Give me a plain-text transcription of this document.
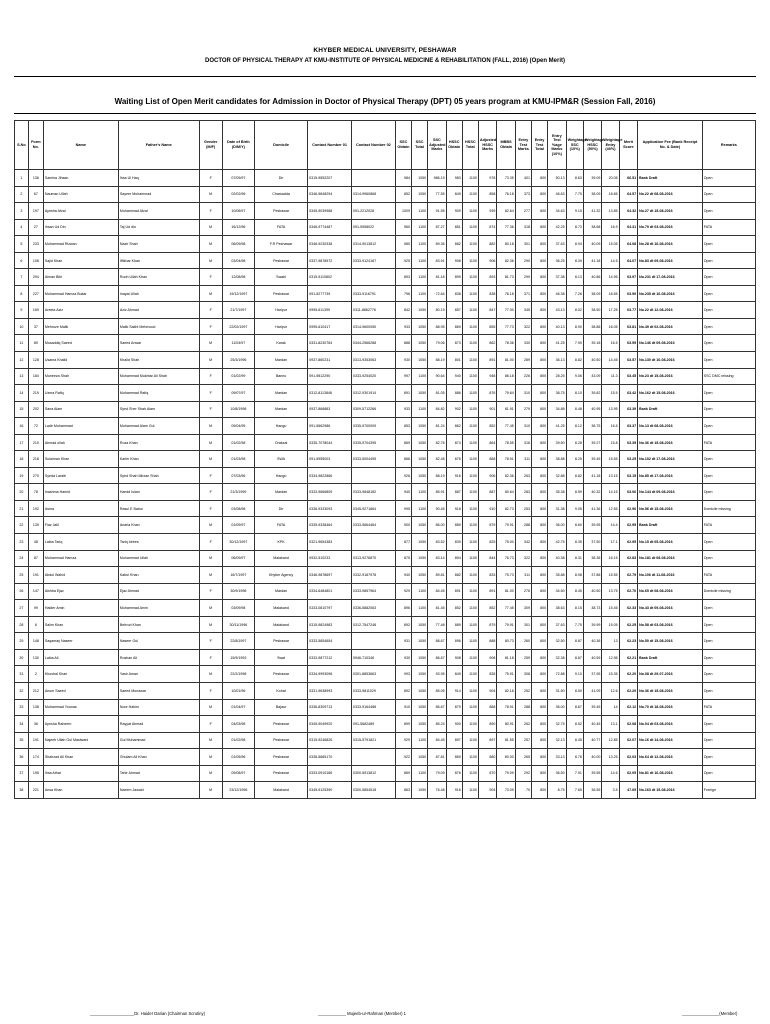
KHYBER MEDICAL UNIVERSITY, PESHAWAR
DOCTOR OF PHYSICAL THERAPY AT KMU-INSTITUTE OF PHYSICAL MEDICINE & REHABILITATION (FALL, 2016) (Open Merit)
Waiting List of Open Merit candidates for Admission in Doctor of Physical Therapy (DPT) 05 years program at KMU-IPM&R (Session Fall, 2016)
S.No	Form No.	Name	Father's Name	Gender (M/F)	Date of Birth (D/M/Y)	Domicile	Contact Number 01	Contact Number 02	SSC Obtain	SSC Total	SSC Adjusted Marks	HSSC Obtain	HSSC Total	Adjusted HSSC Marks	MBBS Obtain	Entry Test Marks	Entry Test Total	Entry Test %age Marks (10%)	Weightage SSC (10%)	Weightage HSSC (50%)	Weightage Entry (40%)	Merit Score	Application Fee (Bank Receipt No. & Date)	Remarks
1	136	Samina Jihsan	Ihsa Ul Haq	F	07/09/97	Dir	0315-9552207		984	1050	986.19	983	1100	978	73.35	401	800	50.13	8.63	39.09	20.05	66.51	Bank Draft	Open
2	67	Nauman Ullah	Sayeer Muhammad	M	02/02/96	Charsadda	0346-9848294	0314-9960868	852	1050	77.55	849	1100	858	76.18	373	800	46.63	7.75	38.09	18.65	64.57	No.22 dt 08-08-2016	Open
3	197	Ayesha Afzal	Muhammad Afzal	F	10/06/97	Peshawar	0345-9039968	091-2212028	1009	1100	91.55	909	1100	939	82.64	277	800	34.63	9.15	41.32	13.85	64.32	No.27 dt 15-08-2016	Open
4	27	Ihsan Ud Din	Taj Ud din	M	16/12/96	FATA	0346-9774487	091-5958022	960	1100	87.27	851	1100	874	77.36	318	800	42.25	8.73	38.68	16.9	64.31	No.79 dt 03-08-2016	FATA
5	233	Muhammad Rizwan	Nazir Shah	M	06/09/98	F.R Peshawar	0346-9230338	0314-9013812	980	1100	89.36	882	1100	882	80.18	301	800	37.63	8.94	40.09	15.05	64.08	No.28 dt 16-08-2016	Open
6	106	Sajid Khan	Iftikhar Khan	M	03/04/98	Peshawar	0337-9878972	0333-9124187	925	1100	83.91	908	1100	906	82.36	290	800	36.25	8.39	41.18	14.5	64.07	No.83 dt 09-08-2016	Open
7	294	Aiman Bibi	Rooh Ullah Khan	F	12/08/98	Swabi	0315-9110802		893	1100	81.18	899	1100	893	81.73	299	800	37.38	8.13	40.86	14.95	63.97	No.231 dt 17-08-2016	Open
8	227	Muhammad Hamza Bukar	Inayat Ullah	M	19/12/1997	Peshawar	091-5277739	0333-9116791	796	1100	72.64	838	1100	838	76.18	371	800	46.38	7.26	38.09	18.55	63.90	No.235 dt 16-08-2016	Open
9	169	Areeta Aziz	Aziz Ahmad	F	21/7/1997	Haripur	0995-611399	0311-8862776	842	1050	80.19	857	1100	847	77.00	345	800	43.13	8.02	38.50	17.25	63.77	No.22 dt 12-08-2016	Open
10	37	Mehroze Malik	Malik Sakht Mehmood	F	22/02/1997	Haripur	0995-610417	0314-9600050	933	1050	88.95	869	1100	855	77.73	322	800	40.13	8.90	38.86	16.05	63.81	No.49 dt 02-08-2016	Open
11	89	Musaddiq Saeed	Saeed Anwar	M	11/04/97	Karak	0331-8230764	0344-2566288	888	1050	79.06	873	1100	862	78.36	330	800	41.25	7.90	39.18	16.5	63.59	No.146 dt 09-08-2016	Open
12	128	Usama Khalid	Khalid Shah	M	25/3/1996	Mardan	0937-860231	0313-9353063	930	1050	88.19	801	1100	891	81.00	289	800	36.13	8.82	40.50	14.45	63.57	No.130 dt 10-08-2016	Open
13	184	Muneeza Shah	Muhammad Mukhtar Ali Shah	F	01/02/99	Bannu	091-9812290	0333-9254020	997	1100	90.64	940	1100	948	86.18	226	800	28.25	9.06	43.09	11.3	63.45	No.23 dt 15-08-2016	SSC DMC missing
14	219	Uzma Rafiq	Muhammad Rafiq	F	09/07/97	Mardan	0312-8113846	0312-9301914	891	1050	81.05	886	1100	876	79.64	310	800	38.75	8.10	39.82	15.5	63.42	No.162 dt 15-08-2016	Open
15	202	Sana Alam	Syed Sher Shah Alam	F	10/8/1998	Mardan	0937-866883	0309-5712266	933	1100	84.82	902	1100	901	81.91	279	800	34.88	8.48	40.95	13.95	63.39	Bank Draft	Open
16	72	Ladir Muhammad	Muhammad Alam Gul	M	09/04/95	Hangu	091-5662986	0335-9700009	853	1050	81.24	862	1100	852	77.45	310	800	41.25	8.12	38.75	16.5	63.37	No.13 dt 08-08-2016	Open
17	210	Ahmad ullah	Roza Khan	M	01/02/98	Orakzai	0335-7078044	0335-9704395	869	1050	82.76	874	1100	864	78.55	316	800	39.50	8.28	39.27	15.8	63.35	No.36 dt 15-08-2016	FATA
18	218	Sulaiman Khan	Karim Khan	M	01/03/98	SWA	091-5955003	0333-5004495	866	1050	82.48	876	1100	868	78.91	311	800	38.88	8.25	39.45	15.55	63.25	No.102 dt 17-08-2016	Open
19	270	Syeda Laraib	Syed Shah Mirzan Shah	F	07/03/96	Hangu	0334-9822866		926	1050	88.19	916	1100	906	82.36	263	800	32.88	8.82	41.18	13.15	63.15	No.85 dt 17-08-2016	Open
20	78	Inashma Hamid	Hamid Islam	F	21/3/1999	Mardan	0333-9666809	0333-9848182	940	1100	85.91	887	1100	887	80.64	283	800	35.38	8.59	40.32	14.15	63.06	No.144 dt 09-08-2016	Open
21	192	Asma	Rasul E Batoo	F	03/08/98	Dir	0336-9333093	0345-9271864	995	1100	90.45	918	1100	910	82.73	253	800	31.38	9.05	41.36	12.55	62.96	No.56 dt 15-08-2016	Domicile missing
22	139	Fiaz Jalil	Anarla Khan	M	01/09/97	FATA	0335-9338464	0333-9664464	900	1050	86.00	889	1100	879	79.91	288	800	36.00	8.60	39.95	14.4	62.95	Bank Draft	FATA
23	48	Laiba Tariq	Tariq Idrees	F	30/12/1997	KPK	0321-9654383		877	1050	83.52	839	1100	825	75.00	342	800	42.75	8.35	37.50	17.1	62.95	No.15 dt 05-08-2016	Open
24	87	Muhammad Hamza	Muhammad Ullah	M	06/09/97	Malakand	0932-510233	0313-9276870	875	1050	83.14	894	1100	844	76.73	322	800	40.38	8.31	38.36	16.15	62.83	No.181 dt 08-08-2016	Open
25	191	Abdul Wahid	Kabul Khan	M	16/7/1997	Khyber Agency	0346-9878697	0332-9187978	940	1050	89.81	882	1100	833	75.73	311	800	35.88	8.98	37.86	15.55	62.79	No.106 dt 11-08-2016	FATA
26	147	Aishba Ejaz	Ejaz Ahmad	F	30/9/1998	Mardan	0334-6484801	0333-9857964	929	1100	84.45	891	1100	891	81.00	276	800	34.50	8.45	40.50	13.75	62.70	No.65 dt 08-08-2016	Domicile missing
27	99	Haider Amin	Muhammad Amin	M	03/09/98	Malakand	0333-0810797	0336-5882063	896	1100	81.45	852	1100	852	77.45	309	800	38.63	8.15	38.73	15.45	62.33	No.43 dt 09-08-2016	Open
28	6	Salim Khan	Behrod Khan	M	30/11/1996	Malakand	0315-9824983	0312-7547248	892	1050	77.48	889	1100	879	79.91	301	800	37.63	7.75	39.99	15.05	62.25	No.58 dt 03-08-2016	Open
29	148	Saqamay Naseer	Naseer Gul	F	22/8/1997	Peshawar	0333-5854654		931	1050	88.67	896	1100	888	80.73	260	800	32.50	8.87	40.36	13	62.23	No.50 dt 15-08-2016	Open
30	130	Laiba Ali	Roshan Ali	F	15/9/1993	Swat	0333-9877212	0946-710346	930	1050	86.67	908	1100	908	81.18	259	800	32.38	8.67	40.59	12.95	62.21	Bank Draft	Open
31	2	Khushal Khan	Yasir Aman	M	22/2/1998	Peshawar	0334-9993096	0301-8853663	993	1050	93.95	849	1100	835	75.91	308	800	72.88	9.10	37.95	15.35	62.20	No.08 dt 29-07-2016	Open
32	212	Anum Saeed	Saeed Munawar	F	10/01/96	Kohat	0331-9638993	0333-9811029	892	1050	85.05	914	1100	904	82.18	252	800	31.50	8.50	41.09	12.6	62.20	No.36 dt 15-08-2016	Open
33	138	Muhammad Younas	Noor Hakim	M	01/04/97	Bajaur	0336-8309713	0333-9164488	910	1050	86.67	879	1100	868	78.91	288	800	36.00	8.67	39.45	14	62.12	No.70 dt 18-08-2016	FATA
34	36	Ayesha Raheem	Rayyat Ahmad	F	04/03/98	Peshawar	0345-9049920	091-5682489	899	1050	85.24	900	1100	890	80.91	262	800	32.75	8.52	40.45	13.1	62.08	No.04 dt 03-08-2016	Open
35	191	Najeeb Ullah Gul Mastwani	Gul Muhammad	M	01/02/98	Peshawar	0315-9246826	0315-5791821	929	1100	84.45	897	1100	897	81.55	257	800	32.13	8.45	40.77	12.85	62.07	No.16 dt 14-08-2016	Open
36	174	Shahzad Ali Khan	Ghulam Ali Khan	M	01/05/96	Peshawar	0336-5665170		922	1050	87.81	869	1100	880	80.00	265	800	33.13	8.78	40.00	13.25	62.03	No.64 dt 12-08-2016	Open
37	195	Ihsa Athar	Tahir Ahmad	M	09/08/97	Peshawar	0333-0910166	0300-5913812	869	1100	79.09	876	1100	870	79.09	292	800	36.50	7.91	39.55	14.6	62.05	No.81 dt 16-08-2016	Open
38	221	Ansa Khan	Naeem Jawaid	M	23/12/1996	Malakand	0345-9125390	0300-5854518	863	1050	76.48	916	1100	904	73.09	70	800	8.75	7.65	36.55	3.5	47.69	No.163 dt 15-08-2016	Foreign
___________________Dr. Haider Darian (Chairman Scrutiny)	____________ Mujeeb-ur-Rahman (Member) 1	________________(Member)
